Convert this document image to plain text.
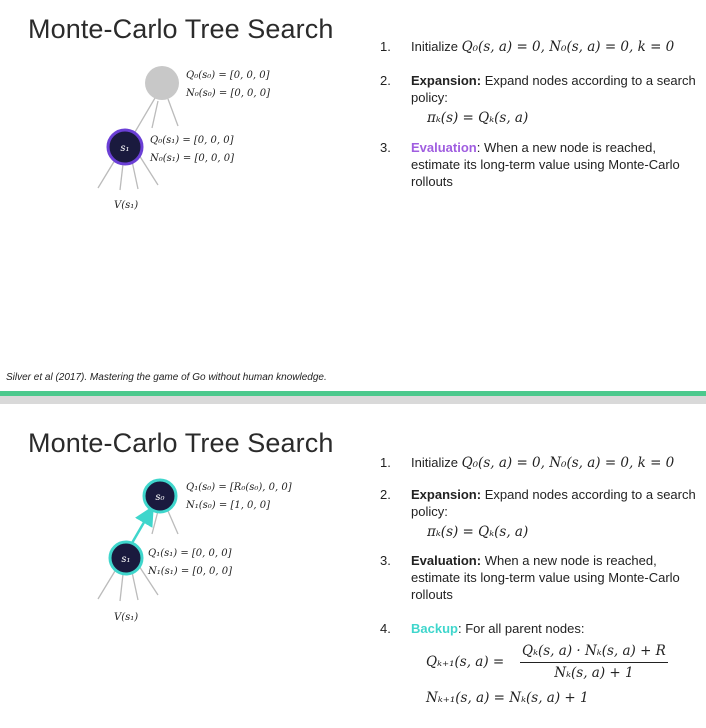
Monte-Carlo Tree Search
s₁
Q₀(s₀) = [0, 0, 0]
N₀(s₀) = [0, 0, 0]
Q₀(s₁) = [0, 0, 0]
N₀(s₁) = [0, 0, 0]
V(s₁)
1.	Initialize Q₀(s, a) = 0, N₀(s, a) = 0, k = 0
2.	Expansion: Expand nodes according to a search policy:
πₖ(s) = Qₖ(s, a)
3.	Evaluation: When a new node is reached, estimate its long-term value using Monte-Carlo rollouts
Silver et al (2017). Mastering the game of Go without human knowledge.
Monte-Carlo Tree Search
s₀
s₁
Q₁(s₀) = [R₀(s₀), 0, 0]
N₁(s₀) = [1, 0, 0]
Q₁(s₁) = [0, 0, 0]
N₁(s₁) = [0, 0, 0]
V(s₁)
1.	Initialize Q₀(s, a) = 0, N₀(s, a) = 0, k = 0
2.	Expansion: Expand nodes according to a search policy:
πₖ(s) = Qₖ(s, a)
3.	Evaluation: When a new node is reached, estimate its long-term value using Monte-Carlo rollouts
4.	Backup: For all parent nodes:
Qₖ₊₁(s, a) =
Qₖ(s, a) · Nₖ(s, a) + R
Nₖ(s, a) + 1
Nₖ₊₁(s, a) = Nₖ(s, a) + 1
